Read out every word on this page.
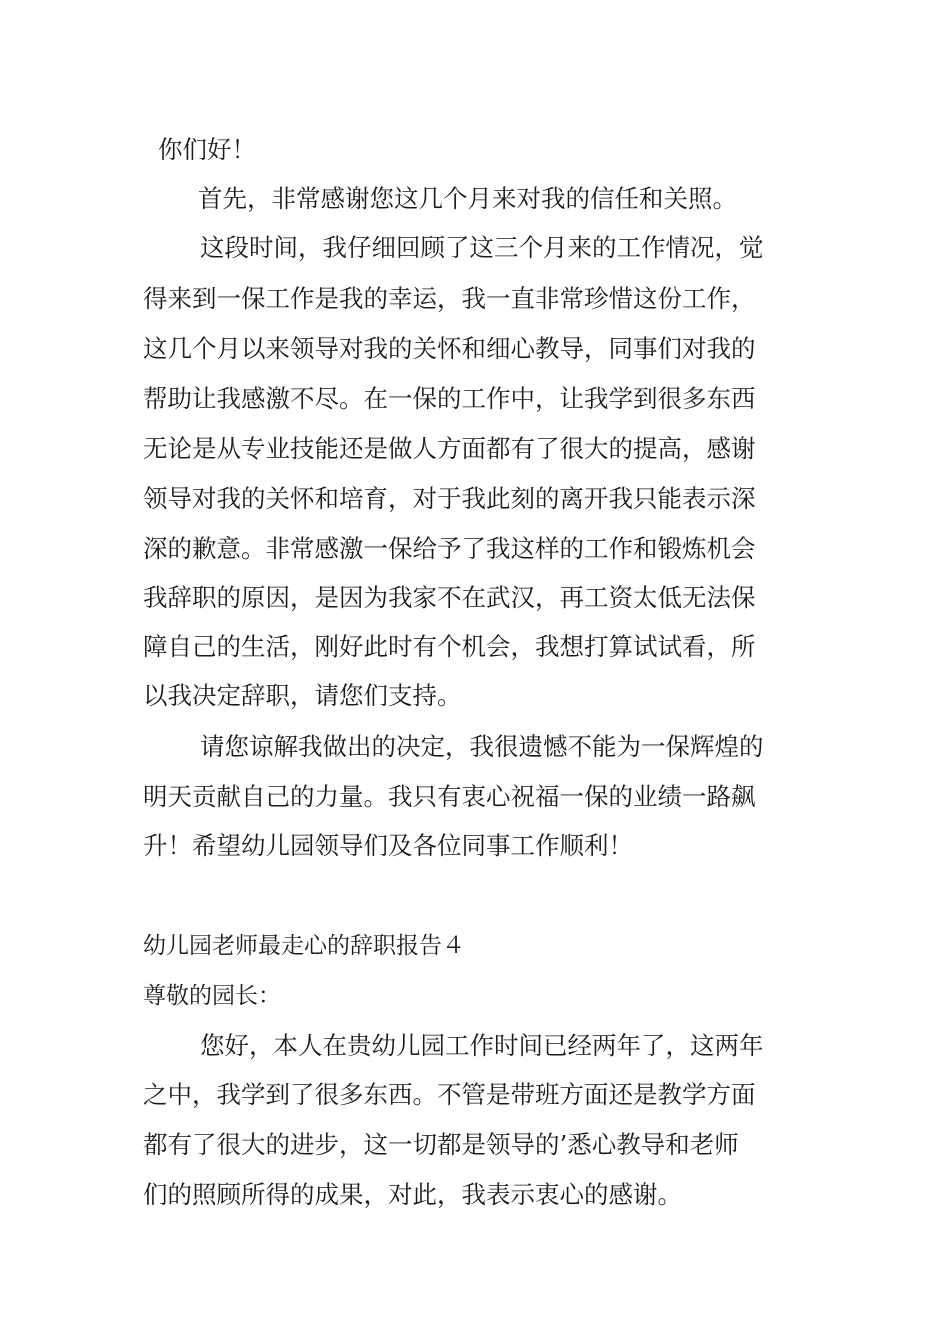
你们好！

首先，非常感谢您这几个月来对我的信任和关照。

这段时间，我仔细回顾了这三个月来的工作情况，觉

得来到一保工作是我的幸运，我一直非常珍惜这份工作，

这几个月以来领导对我的关怀和细心教导，同事们对我的

帮助让我感激不尽。在一保的工作中，让我学到很多东西

无论是从专业技能还是做人方面都有了很大的提高，感谢

领导对我的关怀和培育，对于我此刻的离开我只能表示深

深的歉意。非常感激一保给予了我这样的工作和锻炼机会

我辞职的原因，是因为我家不在武汉，再工资太低无法保

障自己的生活，刚好此时有个机会，我想打算试试看，所

以我决定辞职，请您们支持。

请您谅解我做出的决定，我很遗憾不能为一保辉煌的

明天贡献自己的力量。我只有衷心祝福一保的业绩一路飙

升！希望幼儿园领导们及各位同事工作顺利！

幼儿园老师最走心的辞职报告４

尊敬的园长：

您好，本人在贵幼儿园工作时间已经两年了，这两年

之中，我学到了很多东西。不管是带班方面还是教学方面

都有了很大的进步，这一切都是领导的’悉心教导和老师

们的照顾所得的成果，对此，我表示衷心的感谢。
